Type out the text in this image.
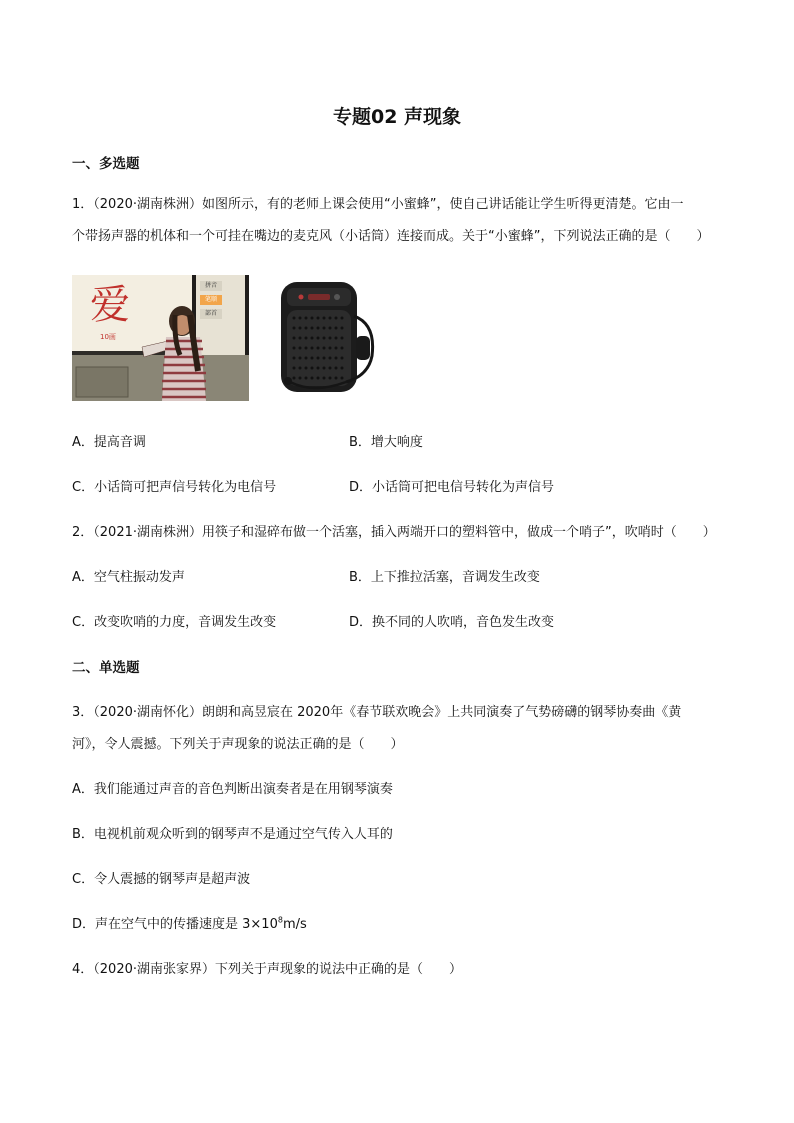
专题02 声现象
一、多选题
1．（2020·湖南株洲）如图所示，有的老师上课会使用“小蜜蜂”，使自己讲话能让学生听得更清楚。它由一
个带扬声器的机体和一个可挂在嘴边的麦克风（小话筒）连接而成。关于“小蜜蜂”，下列说法正确的是（　　）
爱
10画
拼音
笔顺
部首
A．提高音调	B．增大响度
C．小话筒可把声信号转化为电信号	D．小话筒可把电信号转化为声信号
2．（2021·湖南株洲）用筷子和湿碎布做一个活塞，插入两端开口的塑料管中，做成一个哨子”，吹哨时（　　）
A．空气柱振动发声	B．上下推拉活塞，音调发生改变
C．改变吹哨的力度，音调发生改变	D．换不同的人吹哨，音色发生改变
二、单选题
3．（2020·湖南怀化）朗朗和高昱宸在 2020年《春节联欢晚会》上共同演奏了气势磅礴的钢琴协奏曲《黄
河》，令人震撼。下列关于声现象的说法正确的是（　　）
A．我们能通过声音的音色判断出演奏者是在用钢琴演奏
B．电视机前观众听到的钢琴声不是通过空气传入人耳的
C．令人震撼的钢琴声是超声波
D．声在空气中的传播速度是 $3\times 10^8m/s$
4．（2020·湖南张家界）下列关于声现象的说法中正确的是（　　）
